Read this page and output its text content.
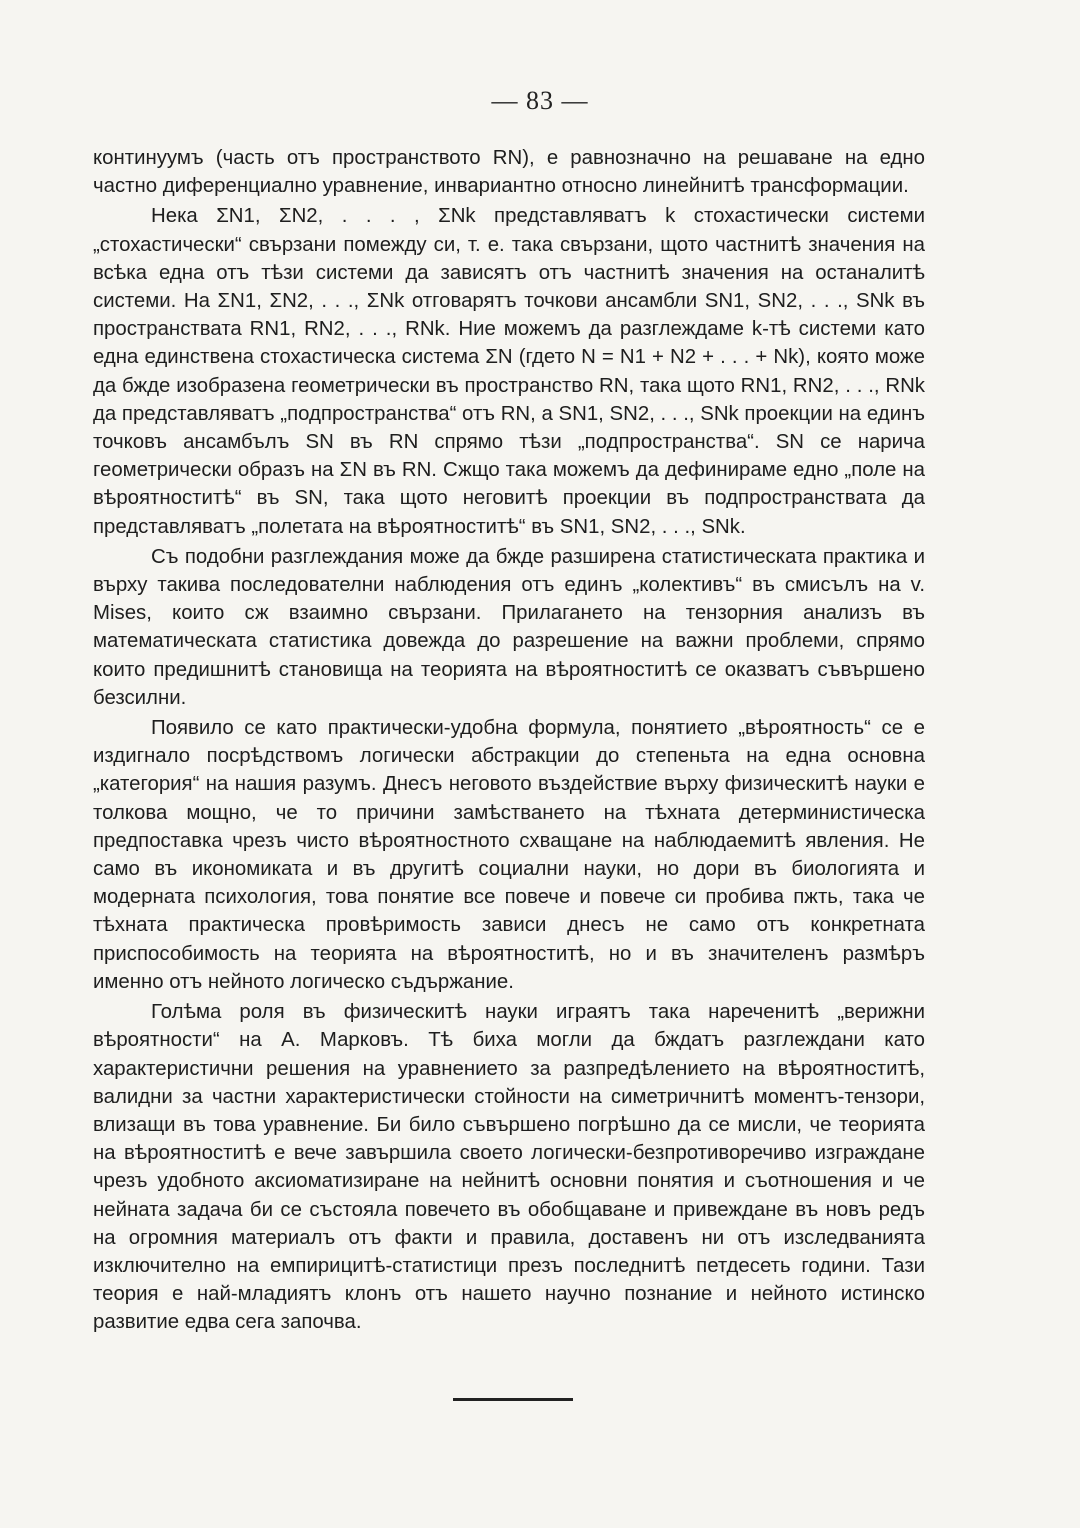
— 83 —

континуумъ (часть отъ пространството RN), е равнозначно на решаване на едно частно диференциално уравнение, инвариантно относно линейнитѣ трансформации.

Нека ΣN1, ΣN2, . . . , ΣNk представляватъ k стохастически системи „стохастически“ свързани помежду си, т. е. така свързани, щото частнитѣ значения на всѣка една отъ тѣзи системи да зависятъ отъ частнитѣ значения на останалитѣ системи. На ΣN1, ΣN2, . . ., ΣNk отговарятъ точкови ансамбли SN1, SN2, . . ., SNk въ пространствата RN1, RN2, . . ., RNk. Ние можемъ да разглеждаме k-тѣ системи като една единствена стохастическа система ΣN (гдето N = N1 + N2 + . . . + Nk), която може да бжде изобразена геометрически въ пространство RN, така щото RN1, RN2, . . ., RNk да представляватъ „подпространства“ отъ RN, а SN1, SN2, . . ., SNk проекции на единъ точковъ ансамбълъ SN въ RN спрямо тѣзи „подпространства“. SN се нарича геометрически образъ на ΣN въ RN. Сжщо така можемъ да дефинираме едно „поле на вѣроятноститѣ“ въ SN, така щото неговитѣ проекции въ подпространствата да представляватъ „полетата на вѣроятноститѣ“ въ SN1, SN2, . . ., SNk.

Съ подобни разглеждания може да бжде разширена статистическата практика и върху такива последователни наблюдения отъ единъ „колективъ“ въ смисълъ на v. Mises, които сж взаимно свързани. Прилагането на тензорния анализъ въ математическата статистика довежда до разрешение на важни проблеми, спрямо които предишнитѣ становища на теорията на вѣроятноститѣ се оказватъ съвършено безсилни.

Появило се като практически-удобна формула, понятието „вѣроятность“ се е издигнало посрѣдствомъ логически абстракции до степеньта на една основна „категория“ на нашия разумъ. Днесъ неговото въздействие върху физическитѣ науки е толкова мощно, че то причини замѣстването на тѣхната детерминистическа предпоставка чрезъ чисто вѣроятностното схващане на наблюдаемитѣ явления. Не само въ икономиката и въ другитѣ социални науки, но дори въ биологията и модерната психология, това понятие все повече и повече си пробива пжть, така че тѣхната практическа провѣримость зависи днесъ не само отъ конкретната приспособимость на теорията на вѣроятноститѣ, но и въ значителенъ размѣръ именно отъ нейното логическо съдържание.

Голѣма роля въ физическитѣ науки играятъ така нареченитѣ „верижни вѣроятности“ на А. Марковъ. Тѣ биха могли да бждатъ разглеждани като характеристични решения на уравнението за разпредѣлението на вѣроятноститѣ, валидни за частни характеристически стойности на симетричнитѣ моментъ-тензори, влизащи въ това уравнение. Би било съвършено погрѣшно да се мисли, че теорията на вѣроятноститѣ е вече завършила своето логически-безпротиворечиво изграждане чрезъ удобното аксиоматизиране на нейнитѣ основни понятия и съотношения и че нейната задача би се състояла повечето въ обобщаване и привеждане въ новъ редъ на огромния материалъ отъ факти и правила, доставенъ ни отъ изследванията изключително на емпирицитѣ-статистици презъ последнитѣ петдесеть години. Тази теория е най-младиятъ клонъ отъ нашето научно познание и нейното истинско развитие едва сега започва.
